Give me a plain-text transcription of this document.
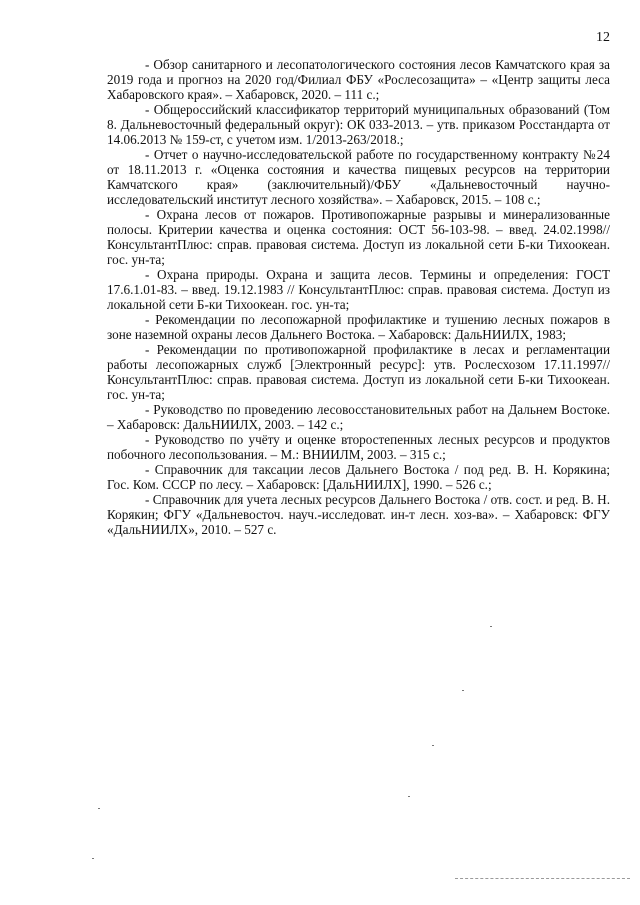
12

- Обзор санитарного и лесопатологического состояния лесов Камчатского края за 2019 года и прогноз на 2020 год/Филиал ФБУ «Рослесозащита» – «Центр защиты леса Хабаровского края». – Хабаровск, 2020. – 111 с.;

- Общероссийский классификатор территорий муниципальных образований (Том 8. Дальневосточный федеральный округ): ОК 033-2013. – утв. приказом Росстандарта от 14.06.2013 № 159-ст, с учетом изм. 1/2013-263/2018.;

- Отчет о научно-исследовательской работе по государственному контракту №24 от 18.11.2013 г. «Оценка состояния и качества пищевых ресурсов на территории Камчатского края» (заключительный)/ФБУ «Дальневосточный научно-исследовательский институт лесного хозяйства». – Хабаровск, 2015. – 108 с.;

- Охрана лесов от пожаров. Противопожарные разрывы и минерализованные полосы. Критерии качества и оценка состояния: ОСТ 56-103-98. – введ. 24.02.1998// КонсультантПлюс: справ. правовая система. Доступ из локальной сети Б-ки Тихоокеан. гос. ун-та;

- Охрана природы. Охрана и защита лесов. Термины и определения: ГОСТ 17.6.1.01-83. – введ. 19.12.1983 // КонсультантПлюс: справ. правовая система. Доступ из локальной сети Б-ки Тихоокеан. гос. ун-та;

- Рекомендации по лесопожарной профилактике и тушению лесных пожаров в зоне наземной охраны лесов Дальнего Востока. – Хабаровск: ДальНИИЛХ, 1983;

- Рекомендации по противопожарной профилактике в лесах и регламентации работы лесопожарных служб [Электронный ресурс]: утв. Рослесхозом 17.11.1997// КонсультантПлюс: справ. правовая система. Доступ из локальной сети Б-ки Тихоокеан. гос. ун-та;

- Руководство по проведению лесовосстановительных работ на Дальнем Востоке. – Хабаровск: ДальНИИЛХ, 2003. – 142 с.;

- Руководство по учёту и оценке второстепенных лесных ресурсов и продуктов побочного лесопользования. – М.: ВНИИЛМ, 2003. – 315 с.;

- Справочник для таксации лесов Дальнего Востока / под ред. В. Н. Корякина; Гос. Ком. СССР по лесу. – Хабаровск: [ДальНИИЛХ], 1990. – 526 с.;

- Справочник для учета лесных ресурсов Дальнего Востока / отв. сост. и ред. В. Н. Корякин; ФГУ «Дальневосточ. науч.-исследоват. ин-т лесн. хоз-ва». – Хабаровск: ФГУ «ДальНИИЛХ», 2010. – 527 с.
